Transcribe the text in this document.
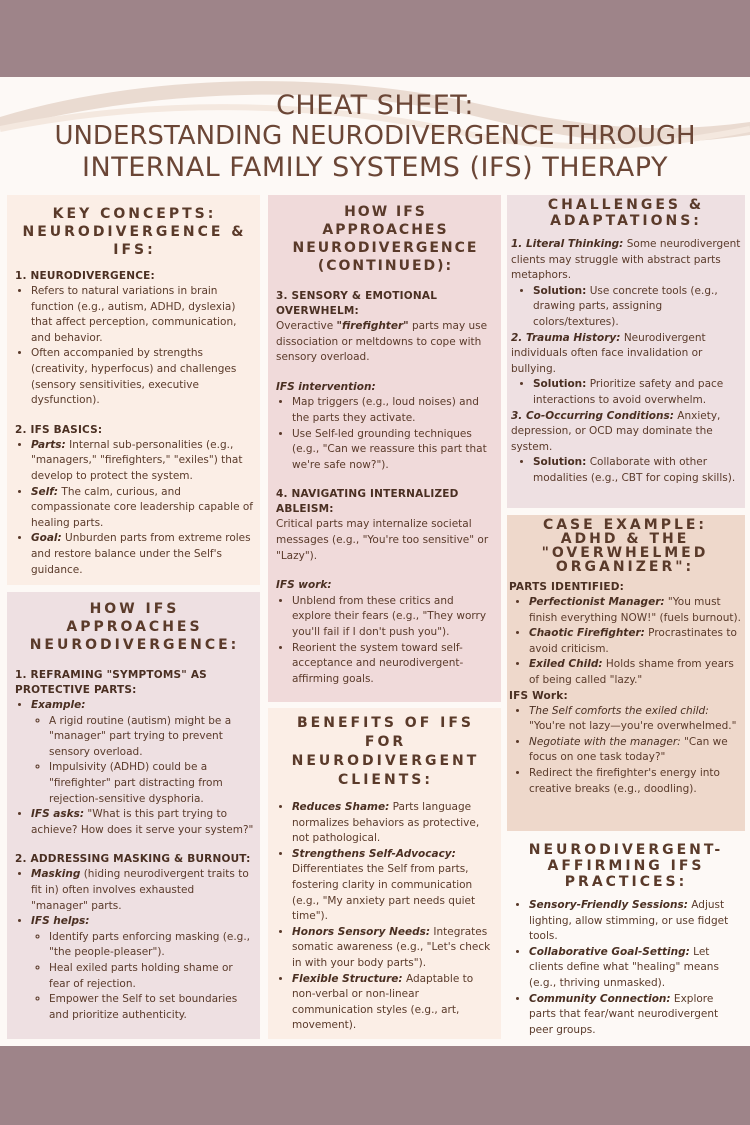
CHEAT SHEET:
UNDERSTANDING NEURODIVERGENCE THROUGH
INTERNAL FAMILY SYSTEMS (IFS) THERAPY

KEY CONCEPTS: NEURODIVERGENCE & IFS:

1. NEURODIVERGENCE:

• Refers to natural variations in brain function (e.g., autism, ADHD, dyslexia) that affect perception, communication, and behavior.
• Often accompanied by strengths (creativity, hyperfocus) and challenges (sensory sensitivities, executive dysfunction).

2. IFS BASICS:

• Parts: Internal sub-personalities (e.g., "managers," "firefighters," "exiles") that develop to protect the system.
• Self: The calm, curious, and compassionate core leadership capable of healing parts.
• Goal: Unburden parts from extreme roles and restore balance under the Self's guidance.

HOW IFS APPROACHES NEURODIVERGENCE:

1. REFRAMING "SYMPTOMS" AS PROTECTIVE PARTS:

• Example:
◦ A rigid routine (autism) might be a "manager" part trying to prevent sensory overload.
◦ Impulsivity (ADHD) could be a "firefighter" part distracting from rejection-sensitive dysphoria.
• IFS asks: "What is this part trying to achieve? How does it serve your system?"

2. ADDRESSING MASKING & BURNOUT:

• Masking (hiding neurodivergent traits to fit in) often involves exhausted "manager" parts.
• IFS helps:
◦ Identify parts enforcing masking (e.g., "the people-pleaser").
◦ Heal exiled parts holding shame or fear of rejection.
◦ Empower the Self to set boundaries and prioritize authenticity.

HOW IFS APPROACHES NEURODIVERGENCE (CONTINUED):

3. SENSORY & EMOTIONAL OVERWHELM:

Overactive "firefighter" parts may use dissociation or meltdowns to cope with sensory overload.

IFS intervention:

• Map triggers (e.g., loud noises) and the parts they activate.
• Use Self-led grounding techniques (e.g., "Can we reassure this part that we're safe now?").

4. NAVIGATING INTERNALIZED ABLEISM:

Critical parts may internalize societal messages (e.g., "You're too sensitive" or "Lazy").

IFS work:

• Unblend from these critics and explore their fears (e.g., "They worry you'll fail if I don't push you").
• Reorient the system toward self-acceptance and neurodivergent-affirming goals.

BENEFITS OF IFS FOR NEURODIVERGENT CLIENTS:

• Reduces Shame: Parts language normalizes behaviors as protective, not pathological.
• Strengthens Self-Advocacy: Differentiates the Self from parts, fostering clarity in communication (e.g., "My anxiety part needs quiet time").
• Honors Sensory Needs: Integrates somatic awareness (e.g., "Let's check in with your body parts").
• Flexible Structure: Adaptable to non-verbal or non-linear communication styles (e.g., art, movement).

CHALLENGES & ADAPTATIONS:

1. Literal Thinking: Some neurodivergent clients may struggle with abstract parts metaphors.

• Solution: Use concrete tools (e.g., drawing parts, assigning colors/textures).

2. Trauma History: Neurodivergent individuals often face invalidation or bullying.

• Solution: Prioritize safety and pace interactions to avoid overwhelm.

3. Co-Occurring Conditions: Anxiety, depression, or OCD may dominate the system.

• Solution: Collaborate with other modalities (e.g., CBT for coping skills).

CASE EXAMPLE: ADHD & THE "OVERWHELMED ORGANIZER":

PARTS IDENTIFIED:

• Perfectionist Manager: "You must finish everything NOW!" (fuels burnout).
• Chaotic Firefighter: Procrastinates to avoid criticism.
• Exiled Child: Holds shame from years of being called "lazy."

IFS Work:

• The Self comforts the exiled child: "You're not lazy—you're overwhelmed."
• Negotiate with the manager: "Can we focus on one task today?"
• Redirect the firefighter's energy into creative breaks (e.g., doodling).

NEURODIVERGENT-AFFIRMING IFS PRACTICES:

• Sensory-Friendly Sessions: Adjust lighting, allow stimming, or use fidget tools.
• Collaborative Goal-Setting: Let clients define what "healing" means (e.g., thriving unmasked).
• Community Connection: Explore parts that fear/want neurodivergent peer groups.
